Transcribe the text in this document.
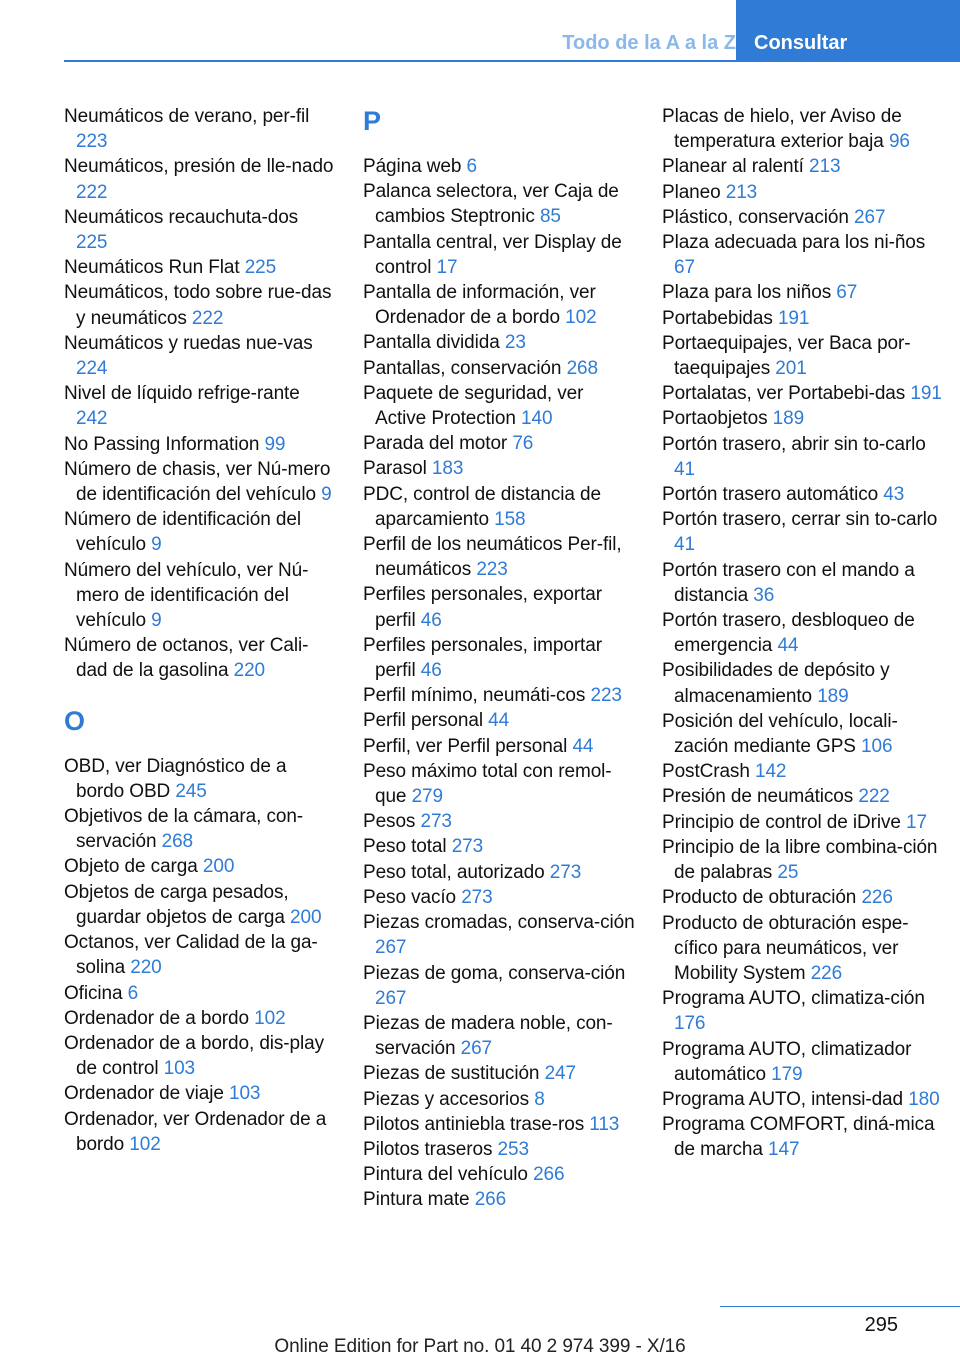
Todo de la A a la Z Consultar
Neumáticos de verano, per‐fil 223
Neumáticos, presión de lle‐nado 222
Neumáticos recauchuta‐dos 225
Neumáticos Run Flat 225
Neumáticos, todo sobre rue‐das y neumáticos 222
Neumáticos y ruedas nue‐vas 224
Nivel de líquido refrige‐rante 242
No Passing Information 99
Número de chasis, ver Nú‐mero de identificación del vehículo 9
Número de identificación del vehículo 9
Número del vehículo, ver Nú‐mero de identificación del vehículo 9
Número de octanos, ver Cali‐dad de la gasolina 220
O
OBD, ver Diagnóstico de a bordo OBD 245
Objetivos de la cámara, con‐servación 268
Objeto de carga 200
Objetos de carga pesados, guardar objetos de carga 200
Octanos, ver Calidad de la ga‐solina 220
Oficina 6
Ordenador de a bordo 102
Ordenador de a bordo, dis‐play de control 103
Ordenador de viaje 103
Ordenador, ver Ordenador de a bordo 102
P
Página web 6
Palanca selectora, ver Caja de cambios Steptronic 85
Pantalla central, ver Display de control 17
Pantalla de información, ver Ordenador de a bordo 102
Pantalla dividida 23
Pantallas, conservación 268
Paquete de seguridad, ver Active Protection 140
Parada del motor 76
Parasol 183
PDC, control de distancia de aparcamiento 158
Perfil de los neumáticos Per‐fil, neumáticos 223
Perfiles personales, exportar perfil 46
Perfiles personales, importar perfil 46
Perfil mínimo, neumáti‐cos 223
Perfil personal 44
Perfil, ver Perfil personal 44
Peso máximo total con remol‐que 279
Pesos 273
Peso total 273
Peso total, autorizado 273
Peso vacío 273
Piezas cromadas, conserva‐ción 267
Piezas de goma, conserva‐ción 267
Piezas de madera noble, con‐servación 267
Piezas de sustitución 247
Piezas y accesorios 8
Pilotos antiniebla trase‐ros 113
Pilotos traseros 253
Pintura del vehículo 266
Pintura mate 266
Placas de hielo, ver Aviso de temperatura exterior baja 96
Planear al ralentí 213
Planeo 213
Plástico, conservación 267
Plaza adecuada para los ni‐ños 67
Plaza para los niños 67
Portabebidas 191
Portaequipajes, ver Baca por‐taequipajes 201
Portalatas, ver Portabebi‐das 191
Portaobjetos 189
Portón trasero, abrir sin to‐carlo 41
Portón trasero automático 43
Portón trasero, cerrar sin to‐carlo 41
Portón trasero con el mando a distancia 36
Portón trasero, desbloqueo de emergencia 44
Posibilidades de depósito y almacenamiento 189
Posición del vehículo, locali‐zación mediante GPS 106
PostCrash 142
Presión de neumáticos 222
Principio de control de iDrive 17
Principio de la libre combina‐ción de palabras 25
Producto de obturación 226
Producto de obturación espe‐cífico para neumáticos, ver Mobility System 226
Programa AUTO, climatiza‐ción 176
Programa AUTO, climatizador automático 179
Programa AUTO, intensi‐dad 180
Programa COMFORT, diná‐mica de marcha 147
295
Online Edition for Part no. 01 40 2 974 399 - X/16
